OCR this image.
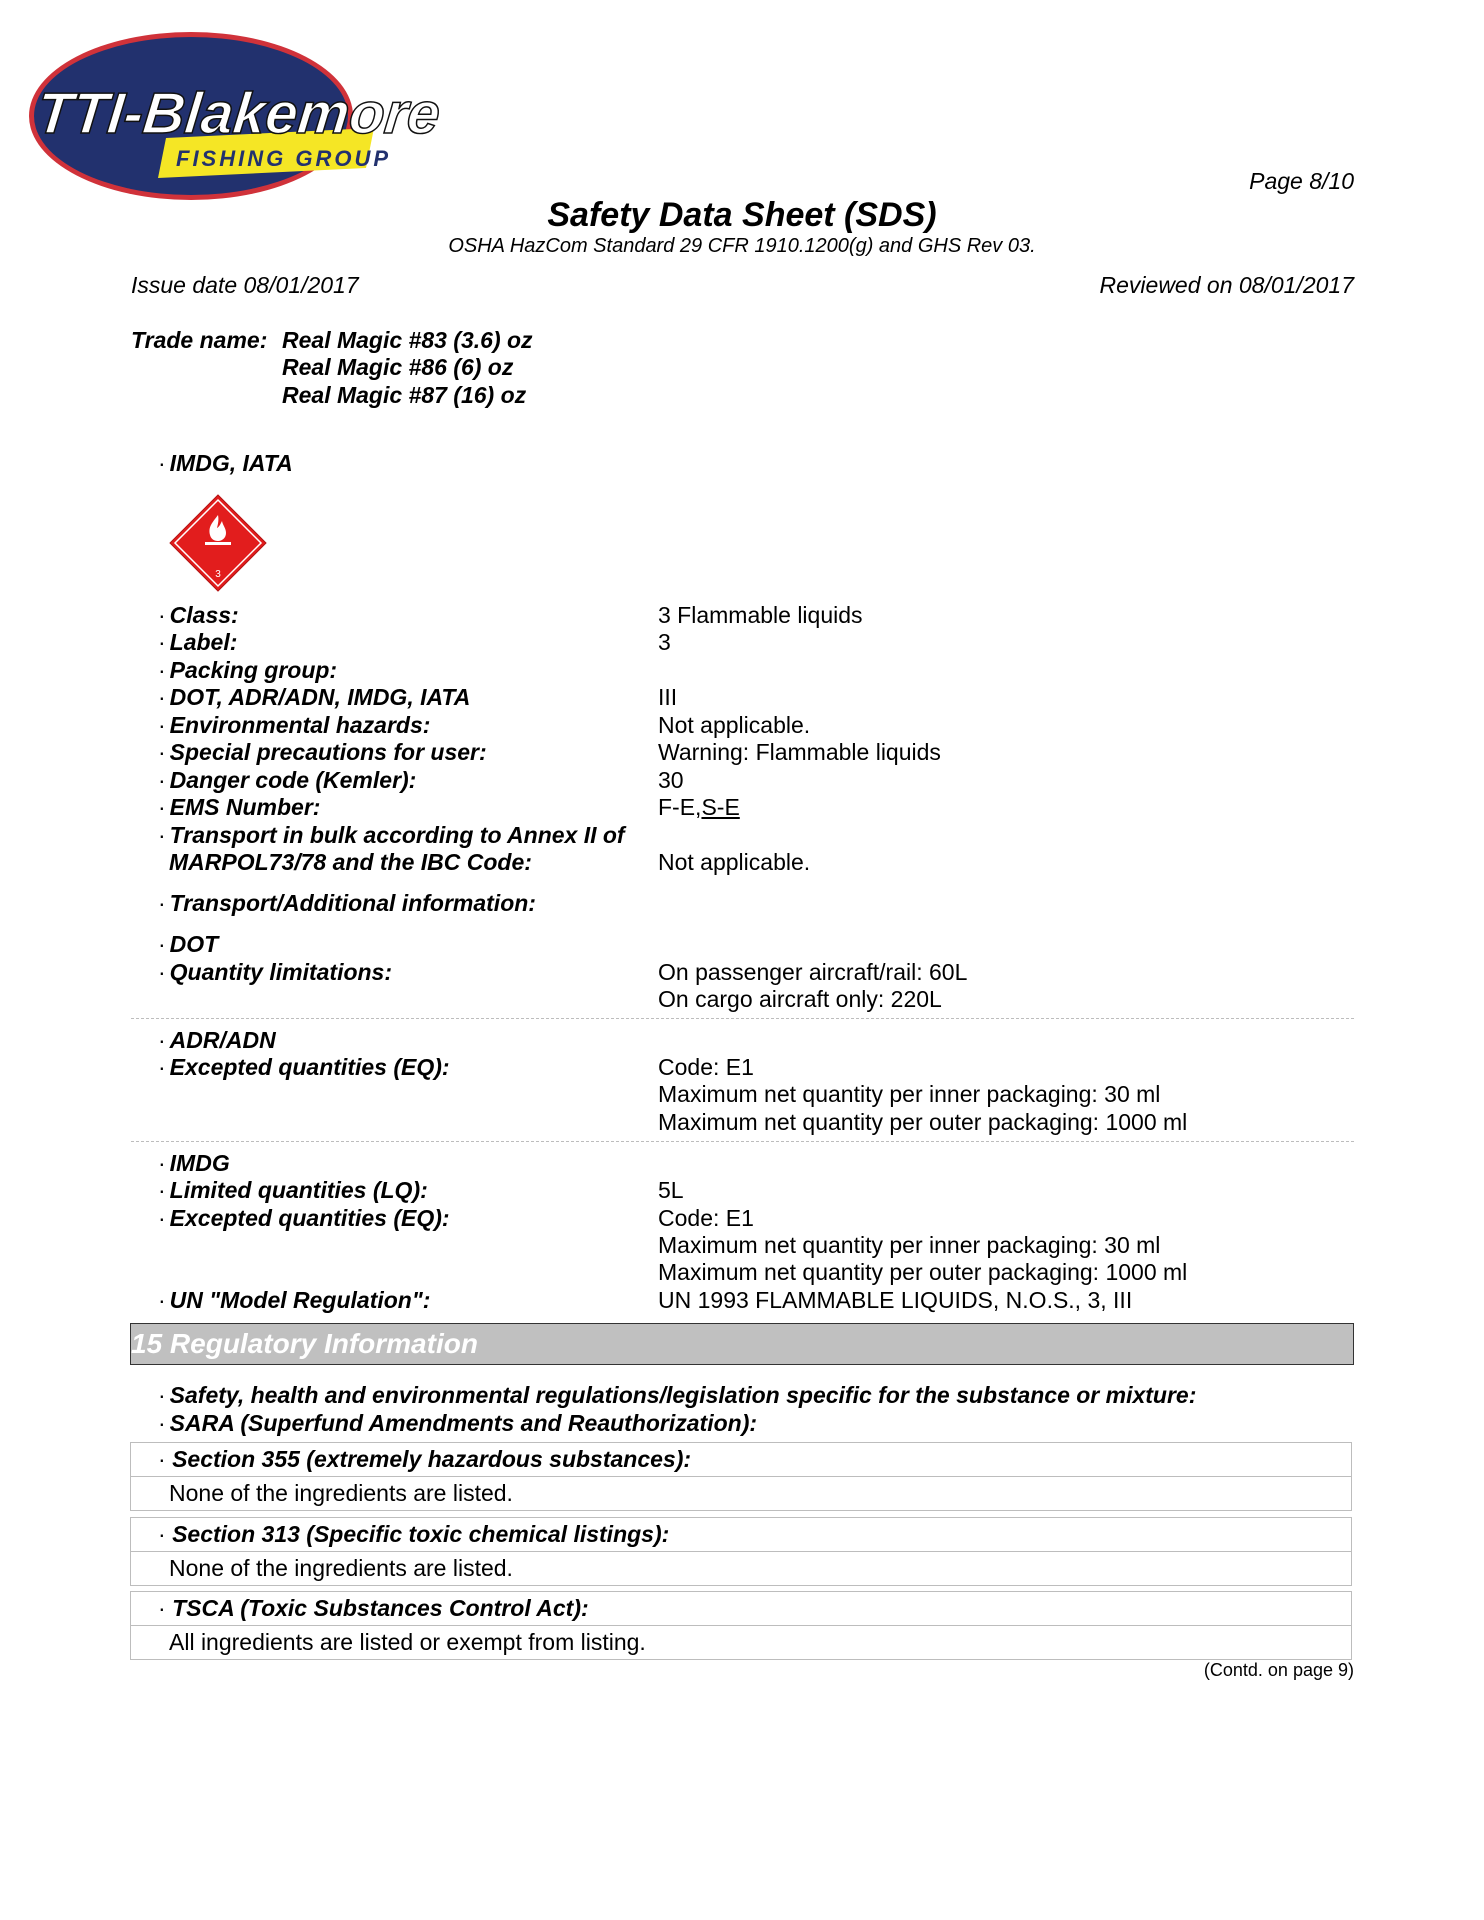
TTI-Blakemore
FISHING GROUP
Page 8/10
Safety Data Sheet (SDS)
OSHA HazCom Standard 29 CFR 1910.1200(g) and GHS Rev 03.
Issue date 08/01/2017	Reviewed on 08/01/2017
Trade name: Real Magic #83 (3.6) oz
Real Magic #86 (6) oz
Real Magic #87 (16) oz
· IMDG, IATA
3
· Class:	3 Flammable liquids
· Label:	3
· Packing group:
· DOT, ADR/ADN, IMDG, IATA	III
· Environmental hazards:	Not applicable.
· Special precautions for user:	Warning: Flammable liquids
· Danger code (Kemler):	30
· EMS Number:	F-E,S-E
· Transport in bulk according to Annex II of
MARPOL73/78 and the IBC Code:	Not applicable.
· Transport/Additional information:
· DOT
· Quantity limitations:	On passenger aircraft/rail: 60L
On cargo aircraft only: 220L
· ADR/ADN
· Excepted quantities (EQ):	Code: E1
Maximum net quantity per inner packaging: 30 ml
Maximum net quantity per outer packaging: 1000 ml
· IMDG
· Limited quantities (LQ):	5L
· Excepted quantities (EQ):	Code: E1
Maximum net quantity per inner packaging: 30 ml
Maximum net quantity per outer packaging: 1000 ml
· UN "Model Regulation":	UN 1993 FLAMMABLE LIQUIDS, N.O.S., 3, III
15 Regulatory Information
· Safety, health and environmental regulations/legislation specific for the substance or mixture:
· SARA (Superfund Amendments and Reauthorization):
· Section 355 (extremely hazardous substances):
None of the ingredients are listed.
· Section 313 (Specific toxic chemical listings):
None of the ingredients are listed.
· TSCA (Toxic Substances Control Act):
All ingredients are listed or exempt from listing.
(Contd. on page 9)
